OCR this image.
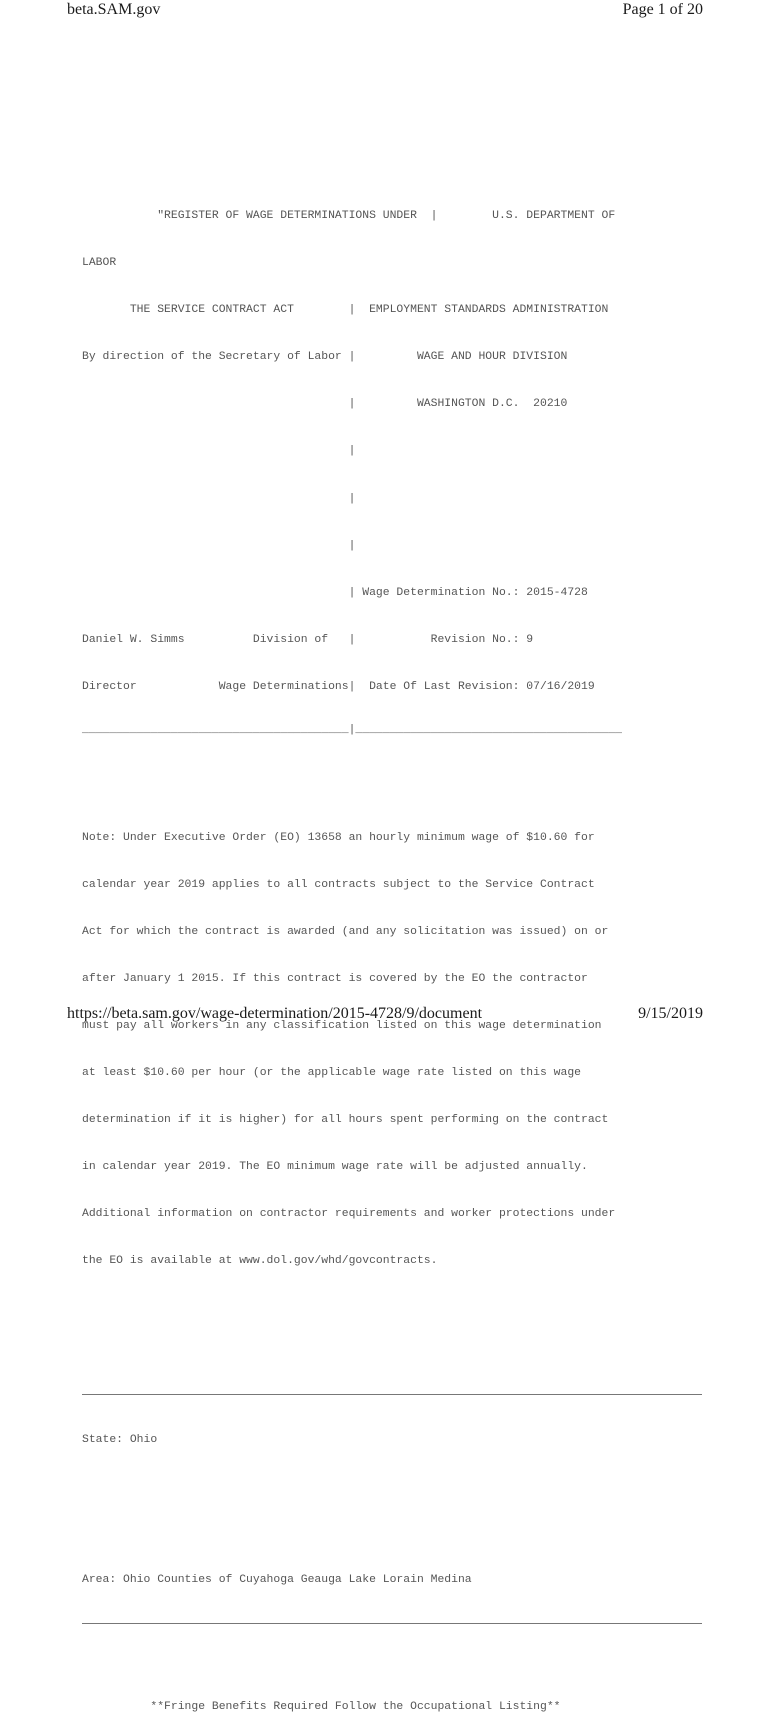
beta.SAM.gov	Page 1 of 20

"REGISTER OF WAGE DETERMINATIONS UNDER  |        U.S. DEPARTMENT OF

LABOR

THE SERVICE CONTRACT ACT        |  EMPLOYMENT STANDARDS ADMINISTRATION

By direction of the Secretary of Labor |         WAGE AND HOUR DIVISION

|         WASHINGTON D.C.  20210

|

|

|

| Wage Determination No.: 2015-4728

Daniel W. Simms          Division of   |           Revision No.: 9

Director            Wage Determinations|  Date Of Last Revision: 07/16/2019

_______________________________________|_______________________________________

Note: Under Executive Order (EO) 13658 an hourly minimum wage of $10.60 for

calendar year 2019 applies to all contracts subject to the Service Contract

Act for which the contract is awarded (and any solicitation was issued) on or

after January 1 2015. If this contract is covered by the EO the contractor

must pay all workers in any classification listed on this wage determination

at least $10.60 per hour (or the applicable wage rate listed on this wage

determination if it is higher) for all hours spent performing on the contract

in calendar year 2019. The EO minimum wage rate will be adjusted annually.

Additional information on contractor requirements and worker protections under

the EO is available at www.dol.gov/whd/govcontracts.

State: Ohio

Area: Ohio Counties of Cuyahoga Geauga Lake Lorain Medina

**Fringe Benefits Required Follow the Occupational Listing**

https://beta.sam.gov/wage-determination/2015-4728/9/document	9/15/2019
